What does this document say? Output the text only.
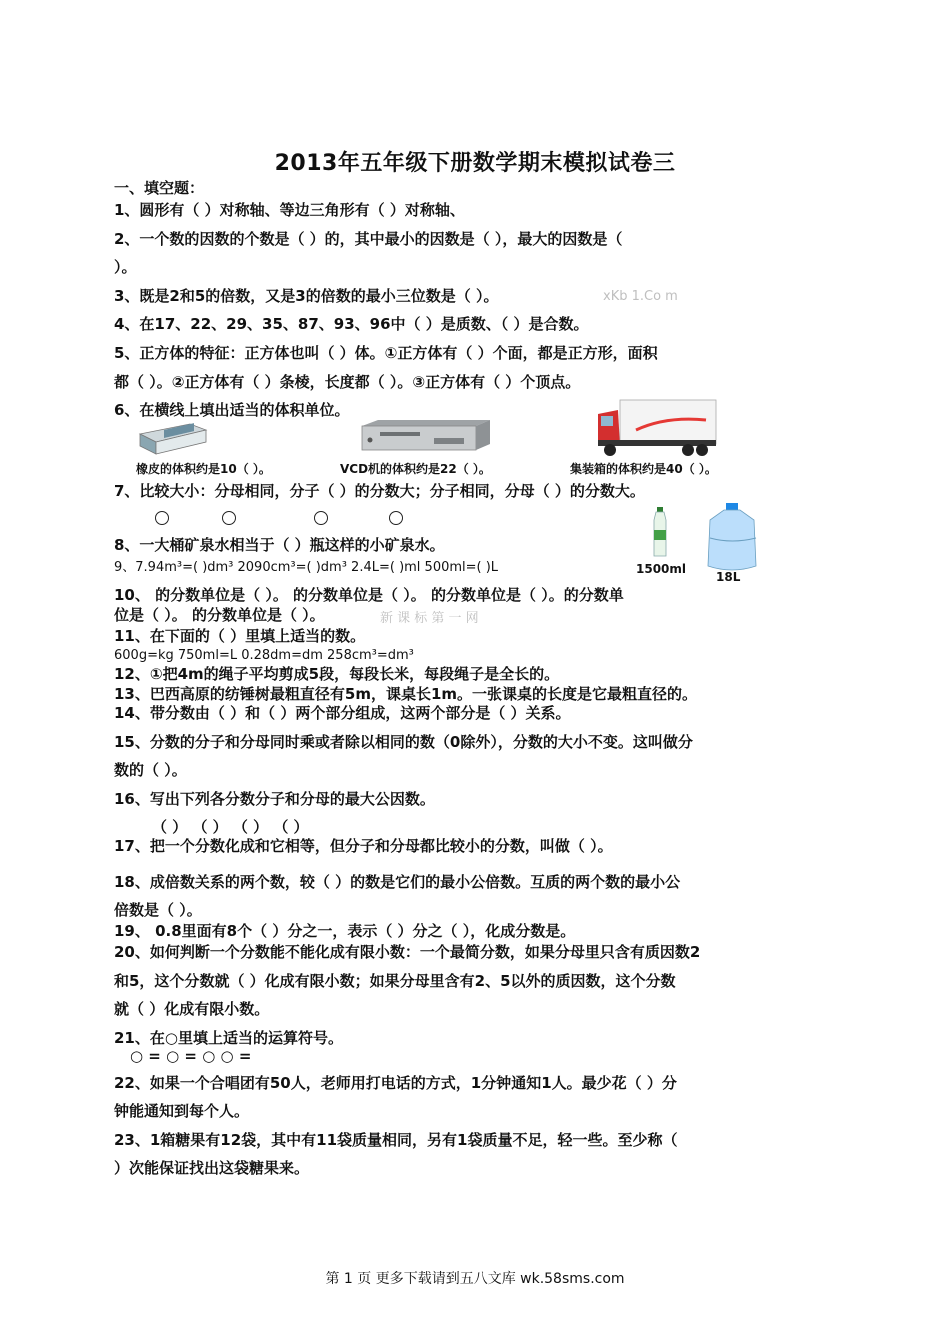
2013年五年级下册数学期末模拟试卷三
一、填空题：
1、圆形有（ ）对称轴、等边三角形有（ ）对称轴、
2、一个数的因数的个数是（ ）的，其中最小的因数是（ ），最大的因数是（
）。
3、既是2和5的倍数，又是3的倍数的最小三位数是（ ）。	xKb 1.Co m
4、在17、22、29、35、87、93、96中（ ）是质数、（ ）是合数。
5、正方体的特征：正方体也叫（ ）体。①正方体有（ ）个面，都是正方形，面积
都（ ）。②正方体有（ ）条棱，长度都（ ）。③正方体有（ ）个顶点。
6、在横线上填出适当的体积单位。
橡皮的体积约是10（ ）。	VCD机的体积约是22（ ）。	集装箱的体积约是40（ ）。
7、比较大小：分母相同，分子（ ）的分数大；分子相同，分母（ ）的分数大。
8、一大桶矿泉水相当于（ ）瓶这样的小矿泉水。
9、7.94m³=( )dm³ 2090cm³=( )dm³ 2.4L=( )ml 500ml=( )L	1500ml
18L
10、 的分数单位是（ ）。 的分数单位是（ ）。 的分数单位是（ ）。的分数单
位是（ ）。 的分数单位是（ ）。	新 课 标 第 一 网
11、在下面的（ ）里填上适当的数。
600g=kg 750ml=L 0.28dm=dm 258cm³=dm³
12、①把4m的绳子平均剪成5段，每段长米，每段绳子是全长的。
13、巴西高原的纺锤树最粗直径有5m，课桌长1m。一张课桌的长度是它最粗直径的。
14、带分数由（ ）和（ ）两个部分组成，这两个部分是（ ）关系。
15、分数的分子和分母同时乘或者除以相同的数（0除外），分数的大小不变。这叫做分
数的（ ）。
16、写出下列各分数分子和分母的最大公因数。
（ ） （ ） （ ） （ ）
17、把一个分数化成和它相等，但分子和分母都比较小的分数，叫做（ ）。
18、成倍数关系的两个数，较（ ）的数是它们的最小公倍数。互质的两个数的最小公
倍数是（ ）。
19、 0.8里面有8个（ ）分之一，表示（ ）分之（ ），化成分数是。
20、如何判断一个分数能不能化成有限小数：一个最简分数，如果分母里只含有质因数2
和5，这个分数就（ ）化成有限小数；如果分母里含有2、5以外的质因数，这个分数
就（ ）化成有限小数。
21、在○里填上适当的运算符号。
○ = ○ = ○ ○ =
22、如果一个合唱团有50人，老师用打电话的方式，1分钟通知1人。最少花（ ）分
钟能通知到每个人。
23、1箱糖果有12袋，其中有11袋质量相同，另有1袋质量不足，轻一些。至少称（
）次能保证找出这袋糖果来。
第 1 页 更多下载请到五八文库 wk.58sms.com
